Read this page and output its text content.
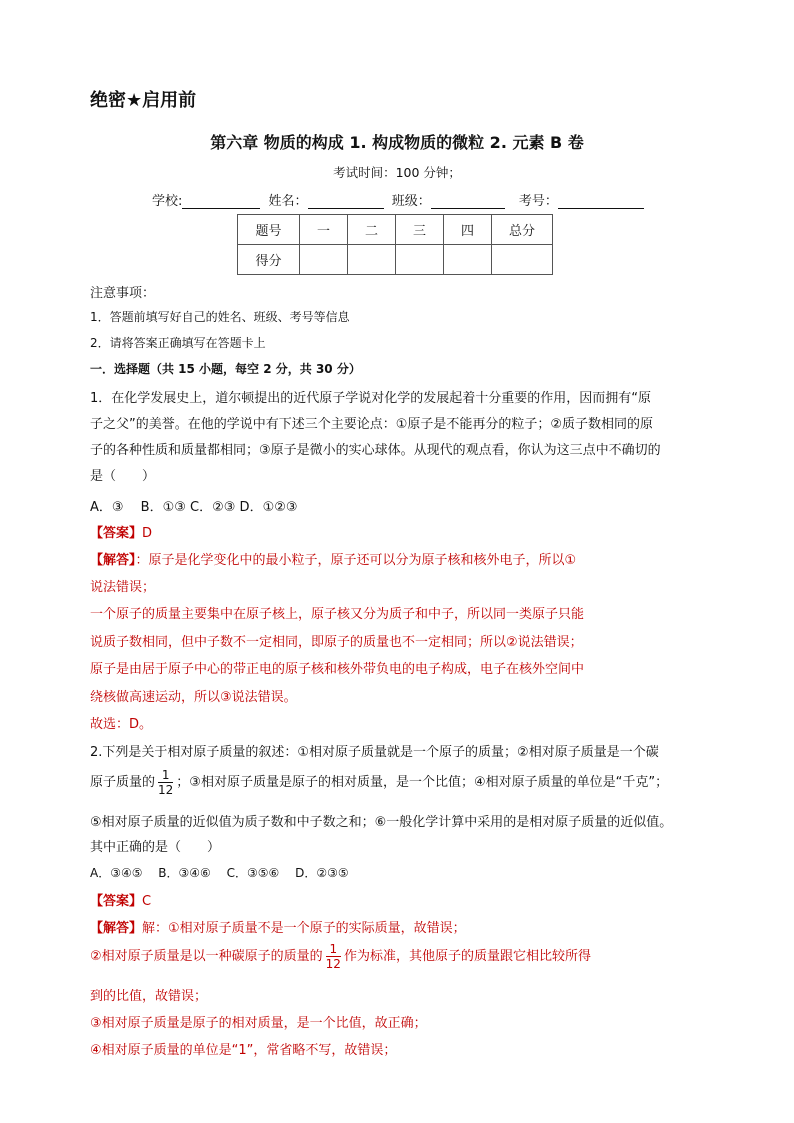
绝密★启用前
第六章 物质的构成 1. 构成物质的微粒 2. 元素 B 卷
考试时间：100 分钟；
学校:	姓名：	班级：	考号：
题号	一	二	三	四	总分
得分					
注意事项：
1．答题前填写好自己的姓名、班级、考号等信息
2．请将答案正确填写在答题卡上
一．选择题（共 15 小题，每空 2 分，共 30 分）
1．在化学发展史上，道尔顿提出的近代原子学说对化学的发展起着十分重要的作用，因而拥有“原
子之父”的美誉。在他的学说中有下述三个主要论点：①原子是不能再分的粒子；②质子数相同的原
子的各种性质和质量都相同；③原子是微小的实心球体。从现代的观点看，你认为这三点中不确切的
是（　　）
A．③　 B．①③ C．②③ D．①②③
【答案】D
【解答】：原子是化学变化中的最小粒子，原子还可以分为原子核和核外电子，所以①
说法错误；
一个原子的质量主要集中在原子核上，原子核又分为质子和中子，所以同一类原子只能
说质子数相同，但中子数不一定相同，即原子的质量也不一定相同；所以②说法错误；
原子是由居于原子中心的带正电的原子核和核外带负电的电子构成，电子在核外空间中
绕核做高速运动，所以③说法错误。
故选：D。
2.下列是关于相对原子质量的叙述：①相对原子质量就是一个原子的质量；②相对原子质量是一个碳
原子质量的 $\frac{1}{12}$ ；③相对原子质量是原子的相对质量，是一个比值；④相对原子质量的单位是“千克”；
⑤相对原子质量的近似值为质子数和中子数之和；⑥一般化学计算中采用的是相对原子质量的近似值。
其中正确的是（　　）
A．③④⑤　 B．③④⑥　 C．③⑤⑥　 D．②③⑤
【答案】C
【解答】解：①相对原子质量不是一个原子的实际质量，故错误；
②相对原子质量是以一种碳原子的质量的 $\frac{1}{12}$ 作为标准，其他原子的质量跟它相比较所得
到的比值，故错误；
③相对原子质量是原子的相对质量，是一个比值，故正确；
④相对原子质量的单位是“1”，常省略不写，故错误；
